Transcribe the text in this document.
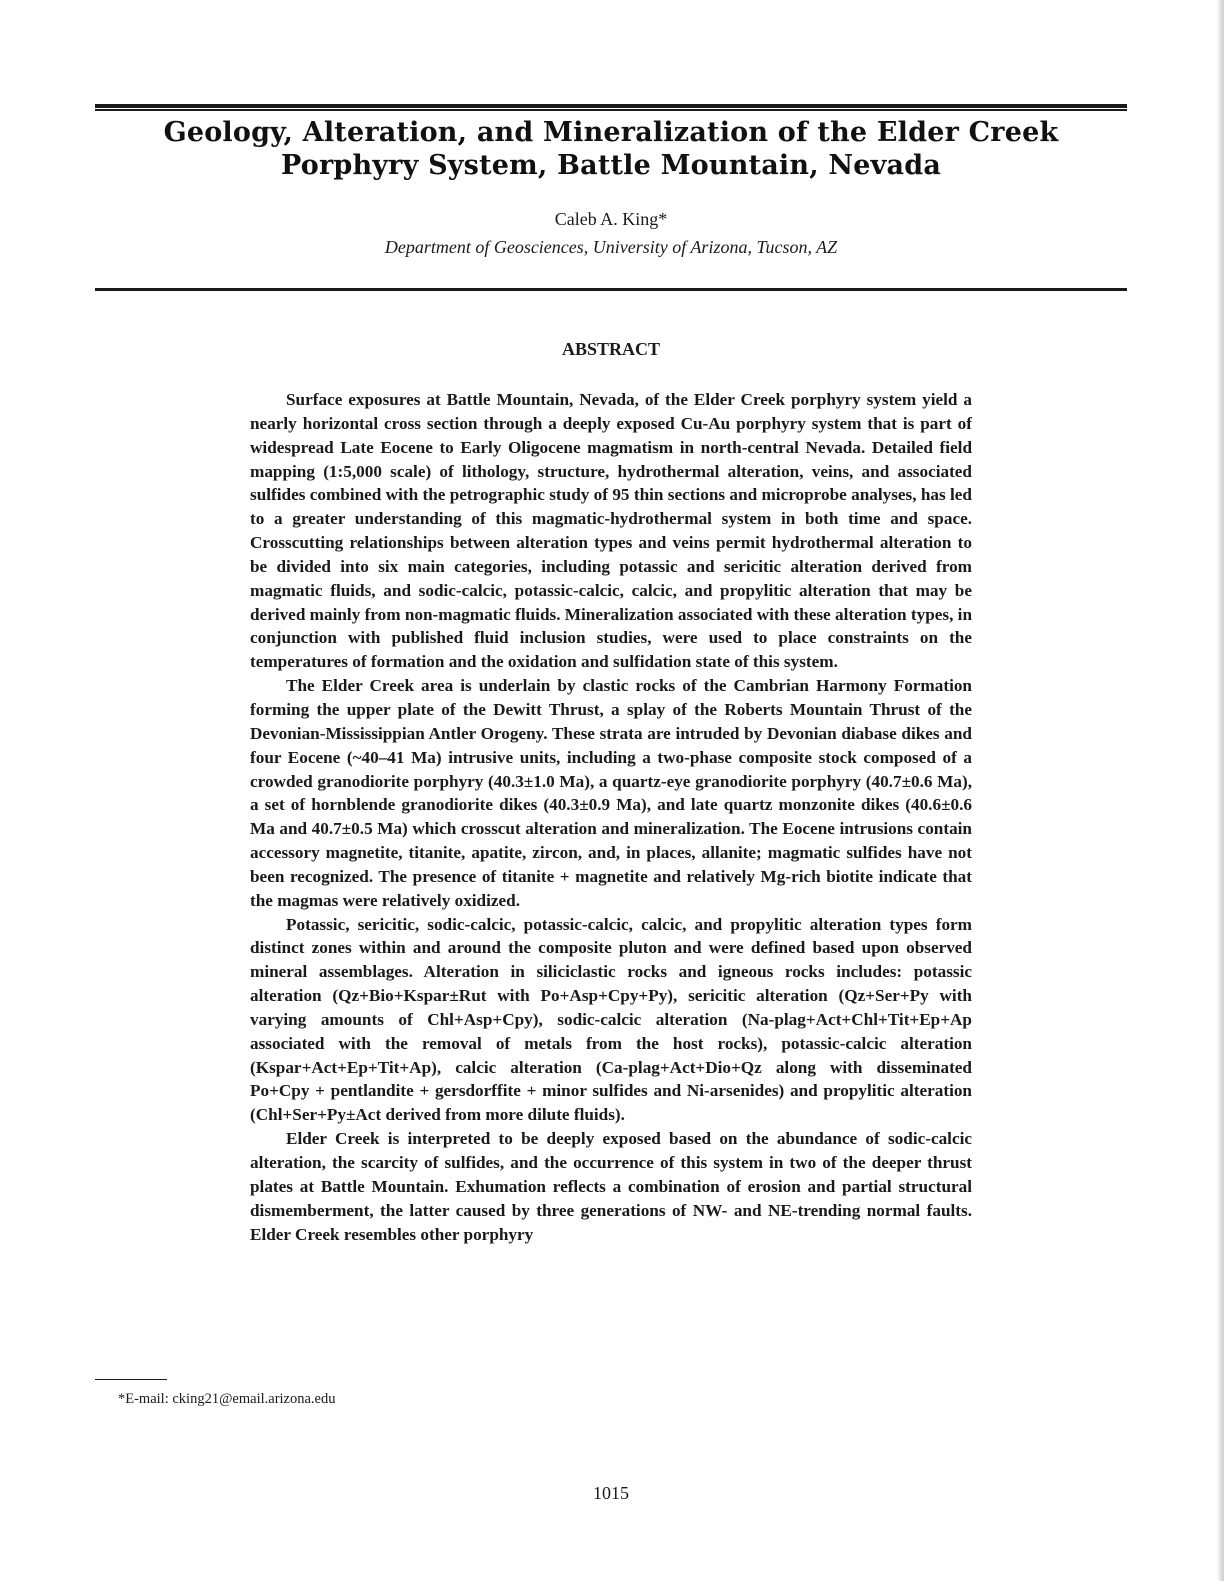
Geology, Alteration, and Mineralization of the Elder Creek
Porphyry System, Battle Mountain, Nevada
Caleb A. King*
Department of Geosciences, University of Arizona, Tucson, AZ
ABSTRACT

Surface exposures at Battle Mountain, Nevada, of the Elder Creek porphyry system yield a nearly horizontal cross section through a deeply exposed Cu-Au porphyry system that is part of widespread Late Eocene to Early Oligocene magmatism in north-central Nevada. Detailed field mapping (1:5,000 scale) of lithology, structure, hydrothermal alteration, veins, and associated sulfides combined with the petrographic study of 95 thin sections and microprobe analyses, has led to a greater understanding of this magmatic-hydrothermal system in both time and space. Crosscutting relationships between alteration types and veins permit hydrothermal alteration to be divided into six main categories, including potassic and sericitic alteration derived from magmatic fluids, and sodic-calcic, potassic-calcic, calcic, and propylitic alteration that may be derived mainly from non-magmatic fluids. Mineralization associated with these alteration types, in conjunction with published fluid inclusion studies, were used to place constraints on the temperatures of formation and the oxidation and sulfidation state of this system.

The Elder Creek area is underlain by clastic rocks of the Cambrian Harmony Formation forming the upper plate of the Dewitt Thrust, a splay of the Roberts Mountain Thrust of the Devonian-Mississippian Antler Orogeny. These strata are intruded by Devonian diabase dikes and four Eocene (~40–41 Ma) intrusive units, including a two-phase composite stock composed of a crowded granodiorite porphyry (40.3±1.0 Ma), a quartz-eye granodiorite porphyry (40.7±0.6 Ma), a set of hornblende granodiorite dikes (40.3±0.9 Ma), and late quartz monzonite dikes (40.6±0.6 Ma and 40.7±0.5 Ma) which crosscut alteration and mineralization. The Eocene intrusions contain accessory magnetite, titanite, apatite, zircon, and, in places, allanite; magmatic sulfides have not been recognized. The presence of titanite + magnetite and relatively Mg-rich biotite indicate that the magmas were relatively oxidized.

Potassic, sericitic, sodic-calcic, potassic-calcic, calcic, and propylitic alteration types form distinct zones within and around the composite pluton and were defined based upon observed mineral assemblages. Alteration in siliciclastic rocks and igneous rocks includes: potassic alteration (Qz+Bio+Kspar±Rut with Po+Asp+Cpy+Py), sericitic alteration (Qz+Ser+Py with varying amounts of Chl+Asp+Cpy), sodic-calcic alteration (Na-plag+Act+Chl+Tit+Ep+Ap associated with the removal of metals from the host rocks), potassic-calcic alteration (Kspar+Act+Ep+Tit+Ap), calcic alteration (Ca-plag+Act+Dio+Qz along with disseminated Po+Cpy + pentlandite + gersdorffite + minor sulfides and Ni-arsenides) and propylitic alteration (Chl+Ser+Py±Act derived from more dilute fluids).

Elder Creek is interpreted to be deeply exposed based on the abundance of sodic-calcic alteration, the scarcity of sulfides, and the occurrence of this system in two of the deeper thrust plates at Battle Mountain. Exhumation reflects a combination of erosion and partial structural dismemberment, the latter caused by three generations of NW- and NE-trending normal faults. Elder Creek resembles other porphyry

*E-mail: cking21@email.arizona.edu
1015
